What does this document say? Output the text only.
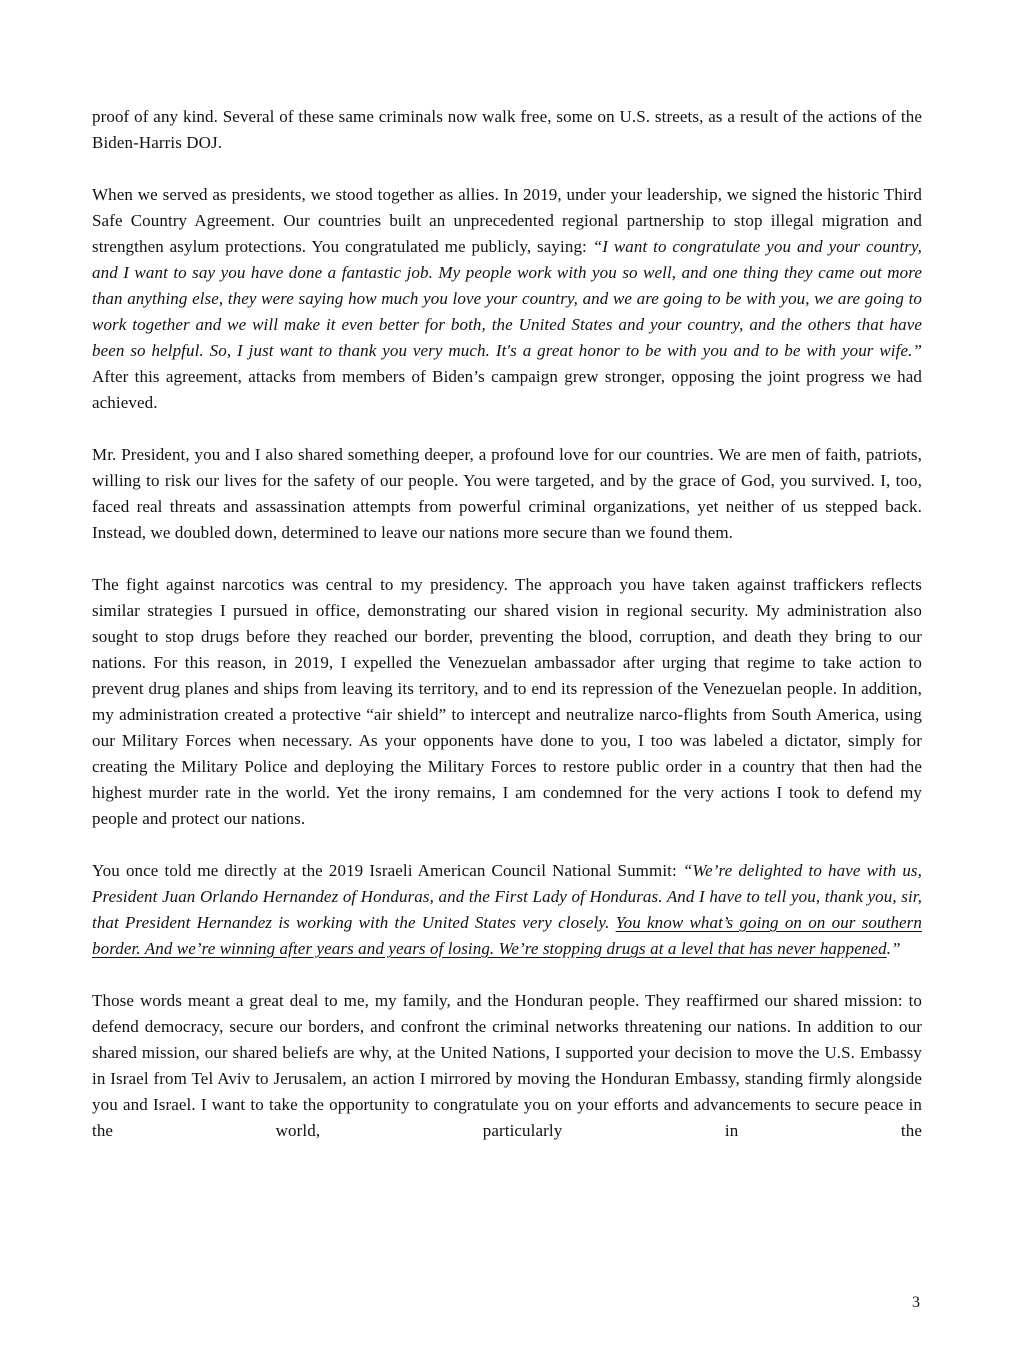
proof of any kind. Several of these same criminals now walk free, some on U.S. streets, as a result of the actions of the Biden-Harris DOJ.

When we served as presidents, we stood together as allies. In 2019, under your leadership, we signed the historic Third Safe Country Agreement. Our countries built an unprecedented regional partnership to stop illegal migration and strengthen asylum protections. You congratulated me publicly, saying: “I want to congratulate you and your country, and I want to say you have done a fantastic job. My people work with you so well, and one thing they came out more than anything else, they were saying how much you love your country, and we are going to be with you, we are going to work together and we will make it even better for both, the United States and your country, and the others that have been so helpful. So, I just want to thank you very much. It's a great honor to be with you and to be with your wife.” After this agreement, attacks from members of Biden’s campaign grew stronger, opposing the joint progress we had achieved.

Mr. President, you and I also shared something deeper, a profound love for our countries. We are men of faith, patriots, willing to risk our lives for the safety of our people. You were targeted, and by the grace of God, you survived. I, too, faced real threats and assassination attempts from powerful criminal organizations, yet neither of us stepped back. Instead, we doubled down, determined to leave our nations more secure than we found them.

The fight against narcotics was central to my presidency. The approach you have taken against traffickers reflects similar strategies I pursued in office, demonstrating our shared vision in regional security. My administration also sought to stop drugs before they reached our border, preventing the blood, corruption, and death they bring to our nations. For this reason, in 2019, I expelled the Venezuelan ambassador after urging that regime to take action to prevent drug planes and ships from leaving its territory, and to end its repression of the Venezuelan people. In addition, my administration created a protective “air shield” to intercept and neutralize narco-flights from South America, using our Military Forces when necessary. As your opponents have done to you, I too was labeled a dictator, simply for creating the Military Police and deploying the Military Forces to restore public order in a country that then had the highest murder rate in the world. Yet the irony remains, I am condemned for the very actions I took to defend my people and protect our nations.

You once told me directly at the 2019 Israeli American Council National Summit: “We’re delighted to have with us, President Juan Orlando Hernandez of Honduras, and the First Lady of Honduras. And I have to tell you, thank you, sir, that President Hernandez is working with the United States very closely. You know what’s going on on our southern border. And we’re winning after years and years of losing. We’re stopping drugs at a level that has never happened.”

Those words meant a great deal to me, my family, and the Honduran people. They reaffirmed our shared mission: to defend democracy, secure our borders, and confront the criminal networks threatening our nations. In addition to our shared mission, our shared beliefs are why, at the United Nations, I supported your decision to move the U.S. Embassy in Israel from Tel Aviv to Jerusalem, an action I mirrored by moving the Honduran Embassy, standing firmly alongside you and Israel. I want to take the opportunity to congratulate you on your efforts and advancements to secure peace in the world, particularly in the

3
